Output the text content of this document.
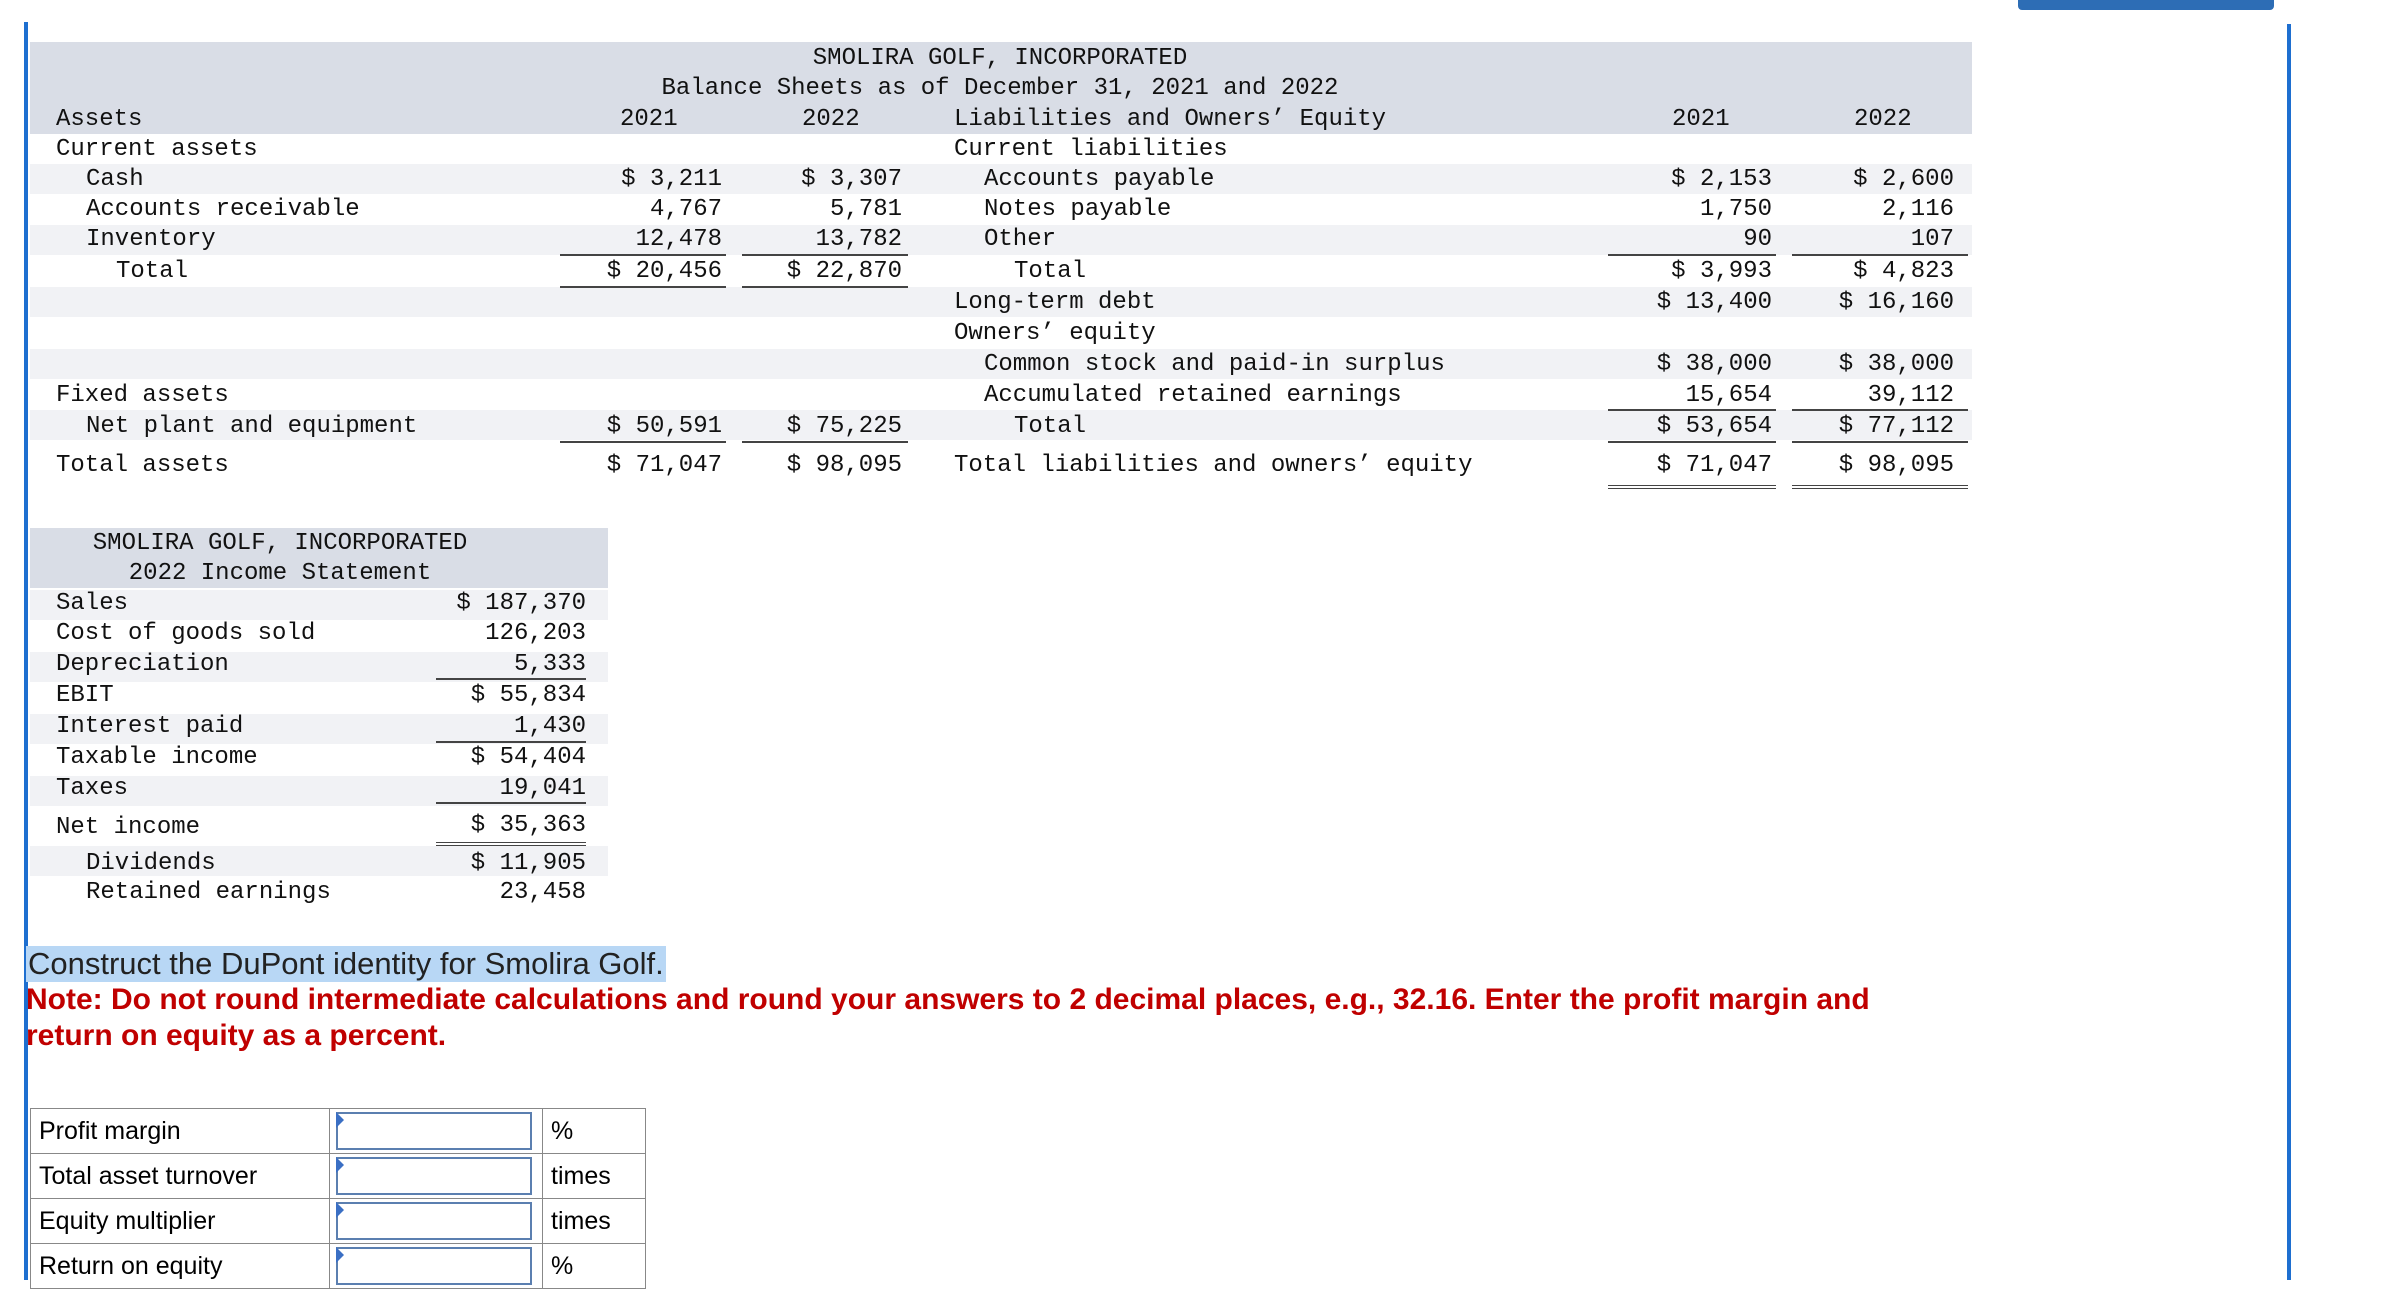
SMOLIRA GOLF, INCORPORATED
Balance Sheets as of December 31, 2021 and 2022
Assets	2021	2022	Liabilities and Owners’ Equity	2021	2022
Current assets
Cash	$ 3,211	$ 3,307
Accounts receivable	4,767	5,781
Inventory	12,478	13,782
Total	$ 20,456	$ 22,870
Fixed assets
Net plant and equipment	$ 50,591	$ 75,225
Total assets	$ 71,047	$ 98,095
Current liabilities
Accounts payable	$ 2,153	$ 2,600
Notes payable	1,750	2,116
Other	90	107
Total	$ 3,993	$ 4,823
Long-term debt	$ 13,400	$ 16,160
Owners’ equity
Common stock and paid-in surplus	$ 38,000	$ 38,000
Accumulated retained earnings	15,654	39,112
Total	$ 53,654	$ 77,112
Total liabilities and owners’ equity	$ 71,047	$ 98,095
SMOLIRA GOLF, INCORPORATED
2022 Income Statement
Sales	$ 187,370
Cost of goods sold	126,203
Depreciation	5,333
EBIT	$ 55,834
Interest paid	1,430
Taxable income	$ 54,404
Taxes	19,041
Net income	$ 35,363
Dividends	$ 11,905
Retained earnings	23,458
Construct the DuPont identity for Smolira Golf.
Note: Do not round intermediate calculations and round your answers to 2 decimal places, e.g., 32.16. Enter the profit margin and return on equity as a percent.
Profit margin		%
Total asset turnover		times
Equity multiplier		times
Return on equity		%
